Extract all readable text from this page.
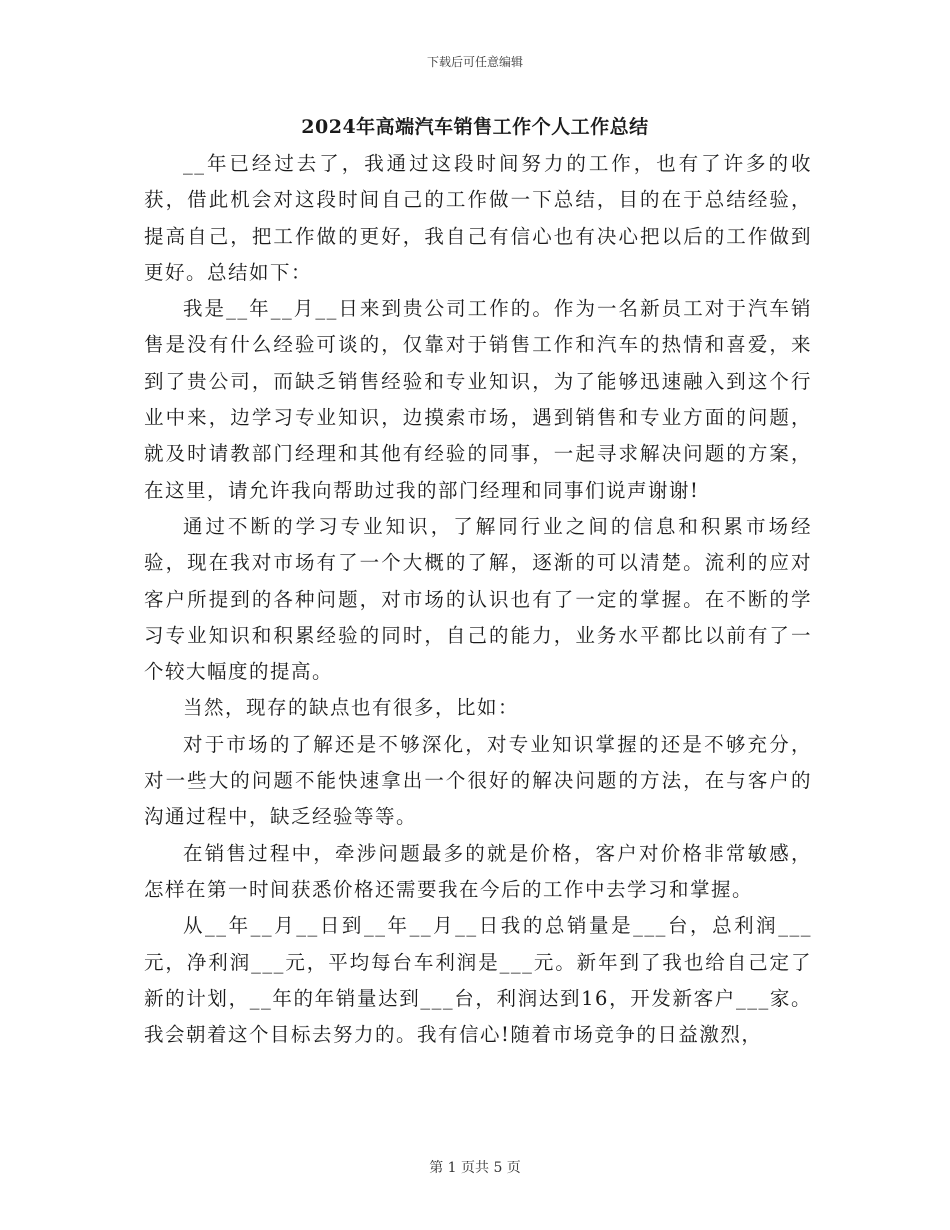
下载后可任意编辑
2024年高端汽车销售工作个人工作总结

__年已经过去了，我通过这段时间努力的工作，也有了许多的收获，借此机会对这段时间自己的工作做一下总结，目的在于总结经验，提高自己，把工作做的更好，我自己有信心也有决心把以后的工作做到更好。总结如下：

我是__年__月__日来到贵公司工作的。作为一名新员工对于汽车销售是没有什么经验可谈的，仅靠对于销售工作和汽车的热情和喜爱，来到了贵公司，而缺乏销售经验和专业知识，为了能够迅速融入到这个行业中来，边学习专业知识，边摸索市场，遇到销售和专业方面的问题，就及时请教部门经理和其他有经验的同事，一起寻求解决问题的方案，在这里，请允许我向帮助过我的部门经理和同事们说声谢谢!

通过不断的学习专业知识，了解同行业之间的信息和积累市场经验，现在我对市场有了一个大概的了解，逐渐的可以清楚。流利的应对客户所提到的各种问题，对市场的认识也有了一定的掌握。在不断的学习专业知识和积累经验的同时，自己的能力，业务水平都比以前有了一个较大幅度的提高。

当然，现存的缺点也有很多，比如：

对于市场的了解还是不够深化，对专业知识掌握的还是不够充分，对一些大的问题不能快速拿出一个很好的解决问题的方法，在与客户的沟通过程中，缺乏经验等等。

在销售过程中，牵涉问题最多的就是价格，客户对价格非常敏感，怎样在第一时间获悉价格还需要我在今后的工作中去学习和掌握。

从__年__月__日到__年__月__日我的总销量是___台，总利润___元，净利润___元，平均每台车利润是___元。新年到了我也给自己定了新的计划，__年的年销量达到___台，利润达到16，开发新客户___家。我会朝着这个目标去努力的。我有信心!随着市场竞争的日益激烈，

第 1 页共 5 页
